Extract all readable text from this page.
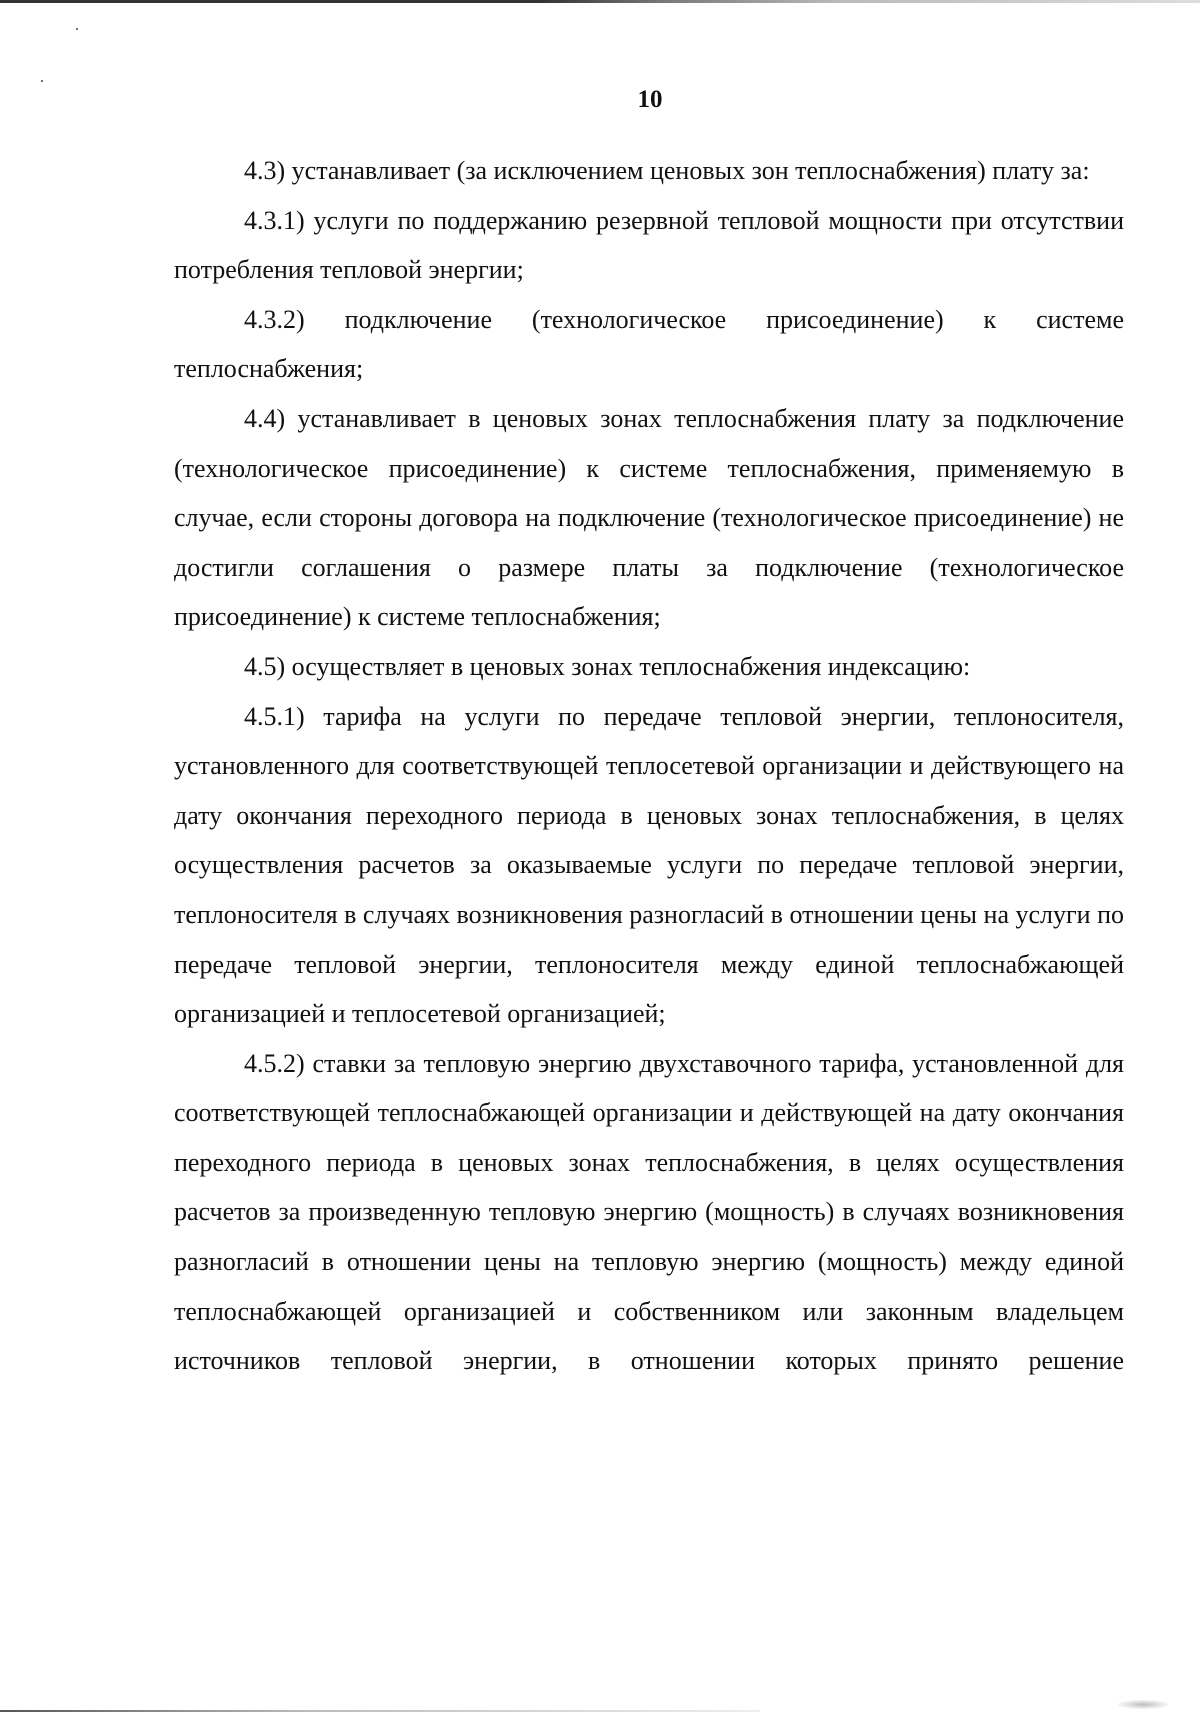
10

4.3) устанавливает (за исключением ценовых зон теплоснабжения) плату за:

4.3.1) услуги по поддержанию резервной тепловой мощности при отсутствии потребления тепловой энергии;

4.3.2) подключение (технологическое присоединение) к системе теплоснабжения;

4.4) устанавливает в ценовых зонах теплоснабжения плату за подключение (технологическое присоединение) к системе теплоснабжения, применяемую в случае, если стороны договора на подключение (технологическое присоединение) не достигли соглашения о размере платы за подключение (технологическое присоединение) к системе теплоснабжения;

4.5) осуществляет в ценовых зонах теплоснабжения индексацию:

4.5.1) тарифа на услуги по передаче тепловой энергии, теплоносителя, установленного для соответствующей теплосетевой организации и действующего на дату окончания переходного периода в ценовых зонах теплоснабжения, в целях осуществления расчетов за оказываемые услуги по передаче тепловой энергии, теплоносителя в случаях возникновения разногласий в отношении цены на услуги по передаче тепловой энергии, теплоносителя между единой теплоснабжающей организацией и теплосетевой организацией;

4.5.2) ставки за тепловую энергию двухставочного тарифа, установленной для соответствующей теплоснабжающей организации и действующей на дату окончания переходного периода в ценовых зонах теплоснабжения, в целях осуществления расчетов за произведенную тепловую энергию (мощность) в случаях возникновения разногласий в отношении цены на тепловую энергию (мощность) между единой теплоснабжающей организацией и собственником или законным владельцем источников тепловой энергии, в отношении которых принято решение
